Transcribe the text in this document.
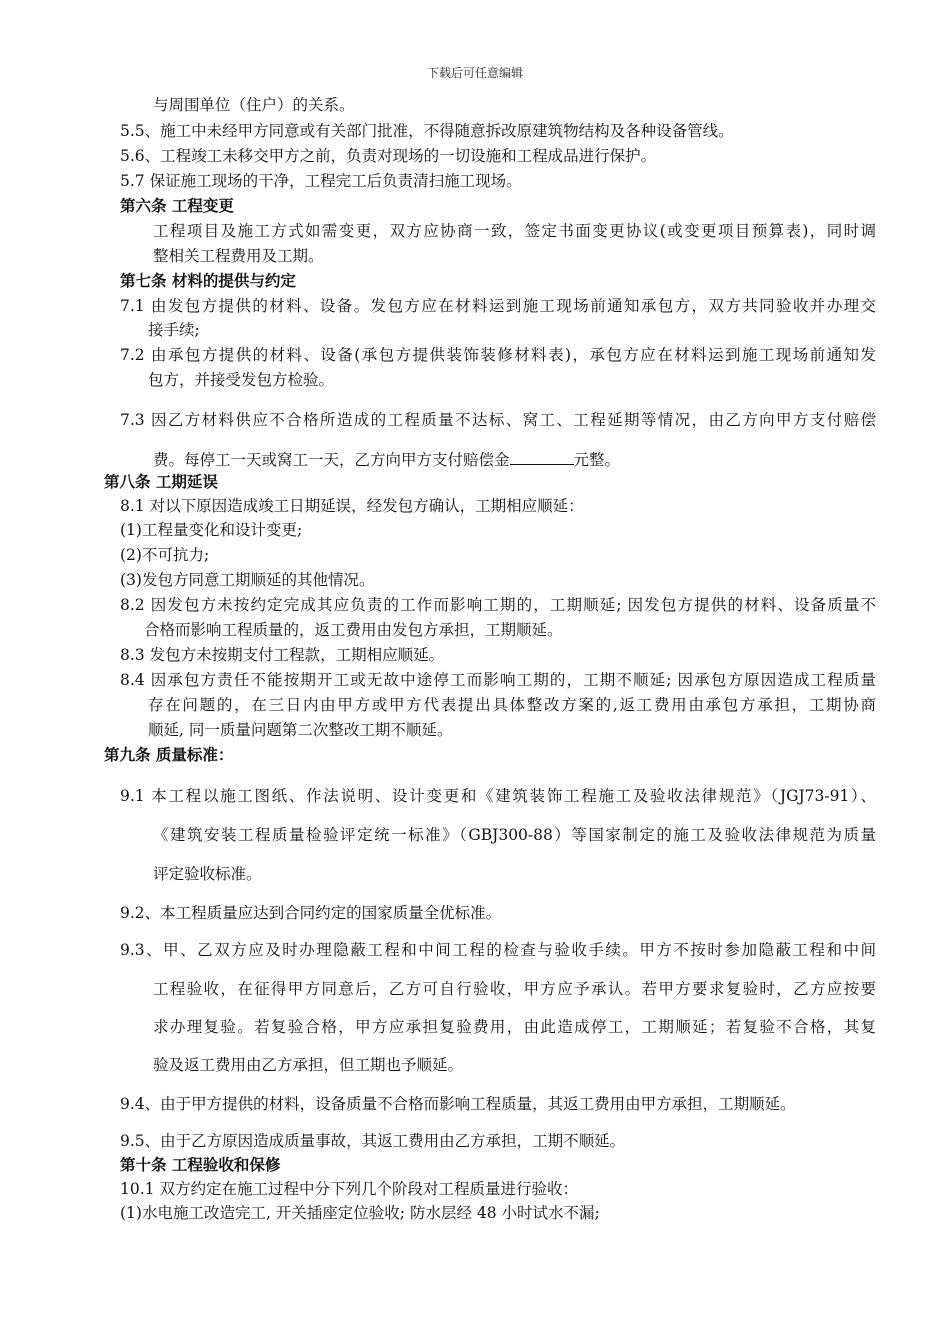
下载后可任意编辑
与周围单位（住户）的关系。
5.5、施工中未经甲方同意或有关部门批准，不得随意拆改原建筑物结构及各种设备管线。
5.6、工程竣工未移交甲方之前，负责对现场的一切设施和工程成品进行保护。
5.7 保证施工现场的干净，工程完工后负责清扫施工现场。
第六条 工程变更
工程项目及施工方式如需变更，双方应协商一致，签定书面变更协议(或变更项目预算表)，同时调
整相关工程费用及工期。
第七条 材料的提供与约定
7.1 由发包方提供的材料、设备。发包方应在材料运到施工现场前通知承包方，双方共同验收并办理交
接手续;
7.2 由承包方提供的材料、设备(承包方提供装饰装修材料表)，承包方应在材料运到施工现场前通知发
包方，并接受发包方检验。
7.3 因乙方材料供应不合格所造成的工程质量不达标、窝工、工程延期等情况，由乙方向甲方支付赔偿
费。每停工一天或窝工一天，乙方向甲方支付赔偿金	元整。
第八条 工期延误
8.1 对以下原因造成竣工日期延误，经发包方确认，工期相应顺延：
(1)工程量变化和设计变更;
(2)不可抗力;
(3)发包方同意工期顺延的其他情况。
8.2 因发包方未按约定完成其应负责的工作而影响工期的，工期顺延; 因发包方提供的材料、设备质量不
合格而影响工程质量的，返工费用由发包方承担，工期顺延。
8.3 发包方未按期支付工程款，工期相应顺延。
8.4 因承包方责任不能按期开工或无故中途停工而影响工期的，工期不顺延; 因承包方原因造成工程质量
存在问题的，在三日内由甲方或甲方代表提出具体整改方案的,返工费用由承包方承担，工期协商
顺延, 同一质量问题第二次整改工期不顺延。
第九条 质量标准：
9.1 本工程以施工图纸、作法说明、设计变更和《建筑装饰工程施工及验收法律规范》（JGJ73-91）、
《建筑安装工程质量检验评定统一标准》（GBJ300-88）等国家制定的施工及验收法律规范为质量
评定验收标准。
9.2、本工程质量应达到合同约定的国家质量全优标准。
9.3、甲、乙双方应及时办理隐蔽工程和中间工程的检查与验收手续。甲方不按时参加隐蔽工程和中间
工程验收，在征得甲方同意后，乙方可自行验收，甲方应予承认。若甲方要求复验时，乙方应按要
求办理复验。若复验合格，甲方应承担复验费用，由此造成停工，工期顺延；若复验不合格，其复
验及返工费用由乙方承担，但工期也予顺延。
9.4、由于甲方提供的材料，设备质量不合格而影响工程质量，其返工费用由甲方承担，工期顺延。
9.5、由于乙方原因造成质量事故，其返工费用由乙方承担，工期不顺延。
第十条 工程验收和保修
10.1 双方约定在施工过程中分下列几个阶段对工程质量进行验收：
(1)水电施工改造完工, 开关插座定位验收; 防水层经 48 小时试水不漏;
